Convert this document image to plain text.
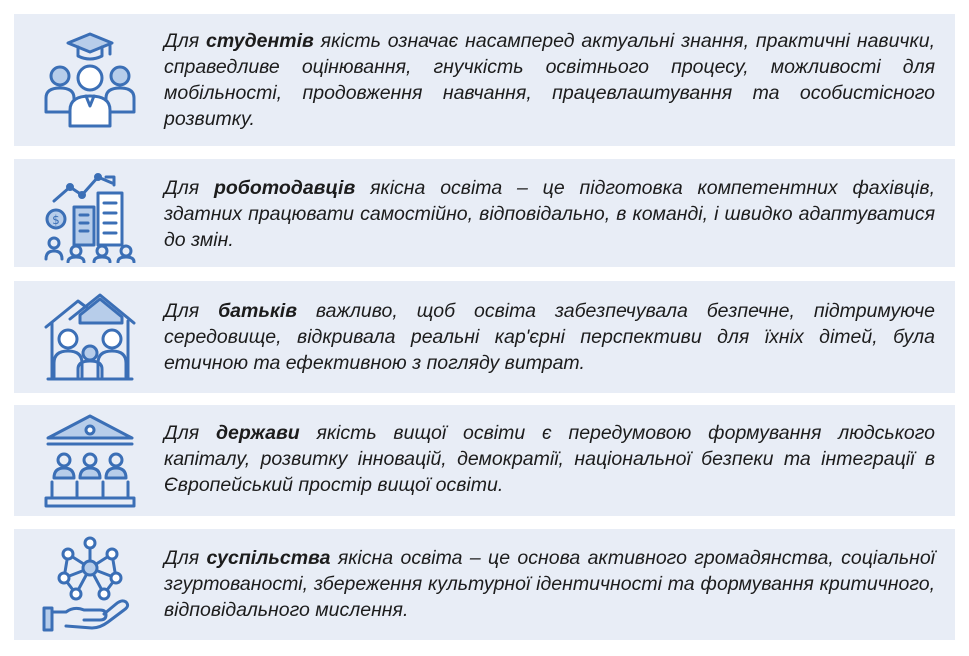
Для студентів якість означає насамперед актуальні знання, практичні навички, справедливе оцінювання, гнучкість освітнього процесу, можливості для мобільності, продовження навчання, працевлаштування та особистісного розвитку.
$
Для роботодавців якісна освіта – це підготовка компетентних фахівців, здатних працювати самостійно, відповідально, в команді, і швидко адаптуватися до змін.
Для батьків важливо, щоб освіта забезпечувала безпечне, підтримуюче середовище, відкривала реальні кар'єрні перспективи для їхніх дітей, була етичною та ефективною з погляду витрат.
Для держави якість вищої освіти є передумовою формування людського капіталу, розвитку інновацій, демократії, національної безпеки та інтеграції в Європейський простір вищої освіти.
Для суспільства якісна освіта – це основа активного громадянства, соціальної згуртованості, збереження культурної ідентичності та формування критичного, відповідального мислення.
